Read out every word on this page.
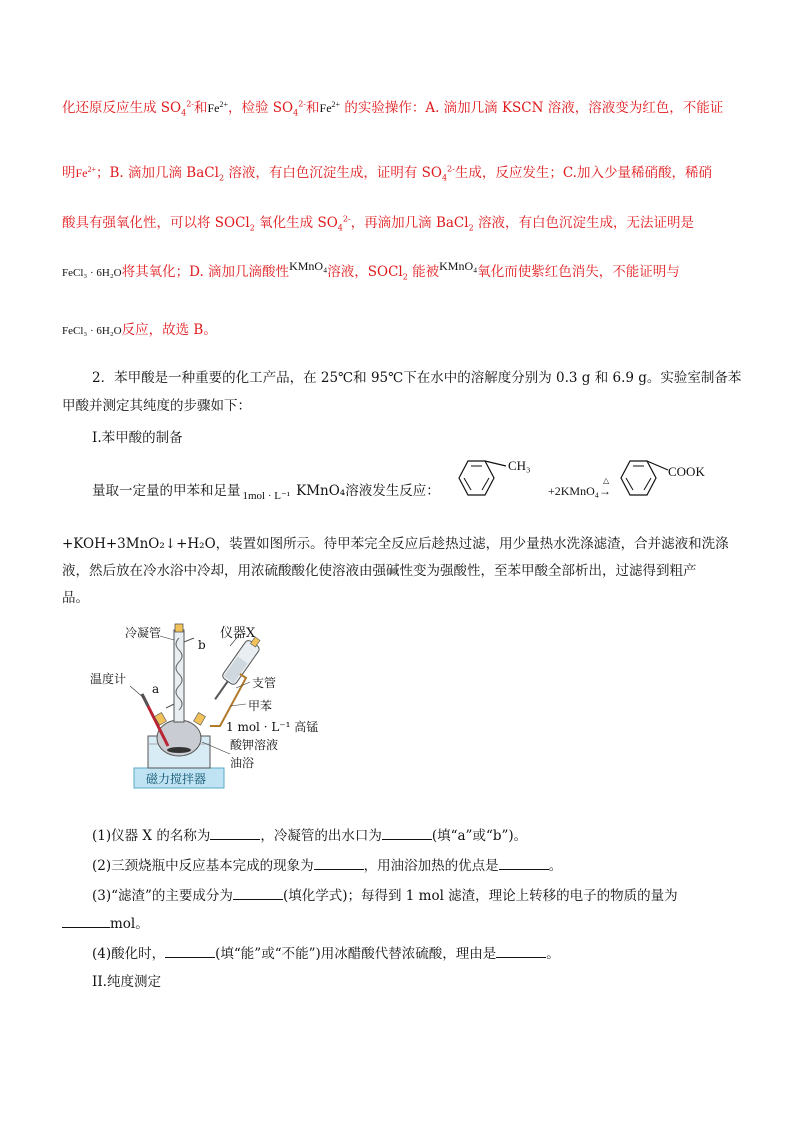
化还原反应生成 $SO_4^{2-}$和$Fe^{2+}$，检验 $SO_4^{2-}$和$Fe^{2+}$ 的实验操作：A. 滴加几滴 KSCN 溶液，溶液变为红色，不能证
明$Fe^{2+}$；B. 滴加几滴 BaCl$_2$ 溶液，有白色沉淀生成，证明有 $SO_4^{2-}$生成，反应发生；C.加入少量稀硝酸，稀硝
酸具有强氧化性，可以将 SOCl$_2$ 氧化生成 $SO_4^{2-}$，再滴加几滴 BaCl$_2$ 溶液，有白色沉淀生成，无法证明是
FeCl₃ · 6H₂O将其氧化；D. 滴加几滴酸性KMnO₄溶液，SOCl$_2$ 能被KMnO₄氧化而使紫红色消失，不能证明与
FeCl₃ · 6H₂O反应，故选 B。
2．苯甲酸是一种重要的化工产品，在 25℃和 95℃下在水中的溶解度分别为 0.3 g 和 6.9 g。实验室制备苯
甲酸并测定其纯度的步骤如下：
I.苯甲酸的制备
量取一定量的甲苯和足量 $_{1mol \cdot L^{-1}}$ KMnO₄溶液发生反应：
CH₃
+2KMnO₄
△
→
COOK
+KOH+3MnO₂↓+H₂O，装置如图所示。待甲苯完全反应后趁热过滤，用少量热水洗涤滤渣，合并滤液和洗涤
液，然后放在冷水浴中冷却，用浓硫酸酸化使溶液由强碱性变为强酸性，至苯甲酸全部析出，过滤得到粗产
品。
冷凝管	仪器X
b
a
温度计	支管
甲苯
1 mol · L⁻¹ 高锰
酸钾溶液
油浴
磁力搅拌器
(1)仪器 X 的名称为	，冷凝管的出水口为	(填“a”或“b”)。
(2)三颈烧瓶中反应基本完成的现象为	，用油浴加热的优点是	。
(3)“滤渣”的主要成分为	(填化学式)；每得到 1 mol 滤渣，理论上转移的电子的物质的量为
mol。
(4)酸化时，	(填“能”或“不能”)用冰醋酸代替浓硫酸，理由是	。
II.纯度测定
